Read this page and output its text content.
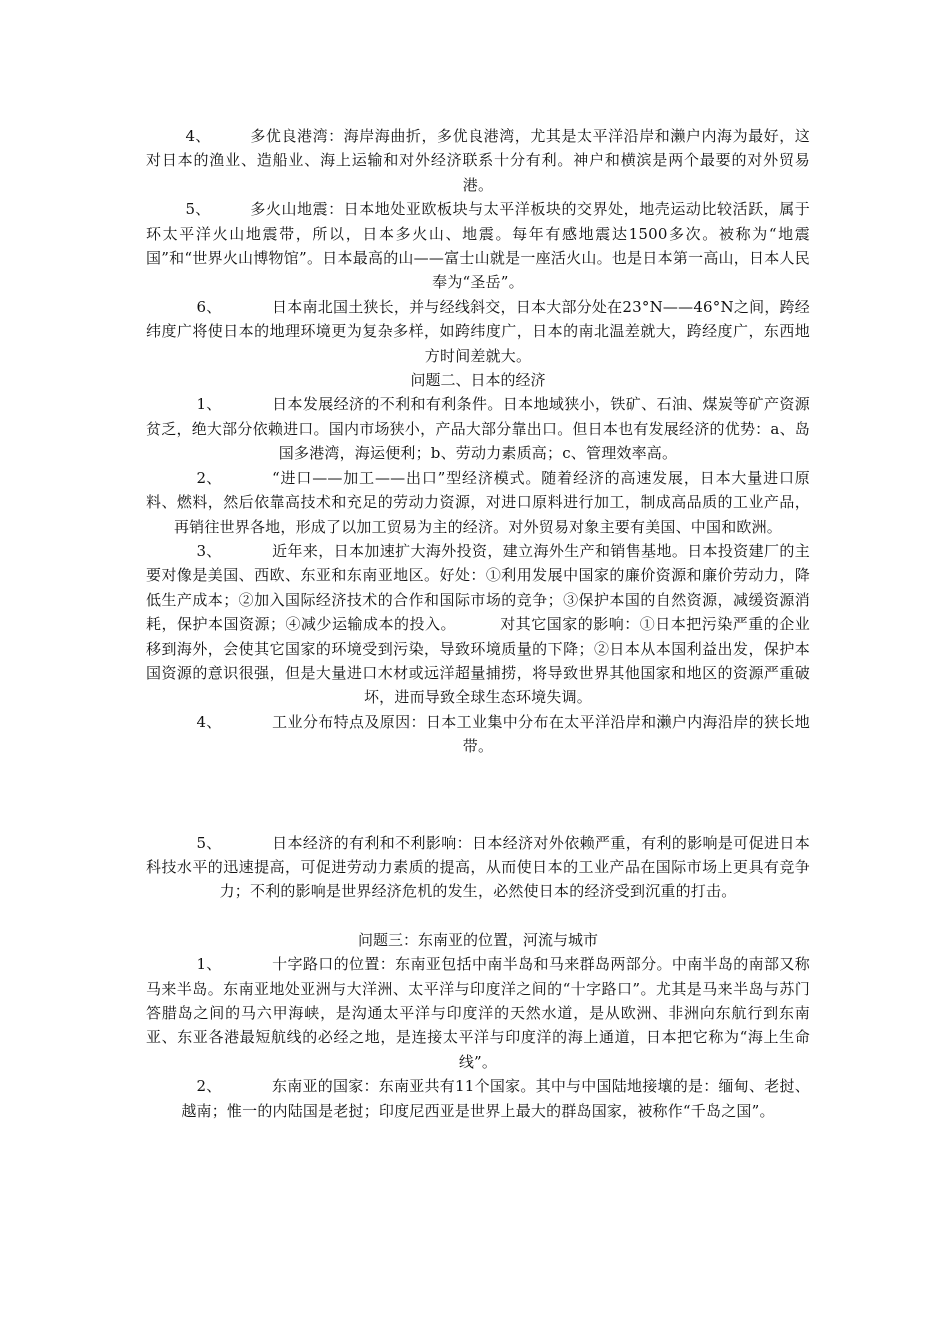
4、	多优良港湾：海岸海曲折，多优良港湾，尤其是太平洋沿岸和濑户内海为最好，这对日本的渔业、造船业、海上运输和对外经济联系十分有利。神户和横滨是两个最要的对外贸易港。

5、	多火山地震：日本地处亚欧板块与太平洋板块的交界处，地壳运动比较活跃，属于环太平洋火山地震带，所以，日本多火山、地震。每年有感地震达1500多次。被称为“地震国”和“世界火山博物馆”。日本最高的山——富士山就是一座活火山。也是日本第一高山，日本人民奉为“圣岳”。

6、	日本南北国土狭长，并与经线斜交，日本大部分处在23°N——46°N之间，跨经纬度广将使日本的地理环境更为复杂多样，如跨纬度广，日本的南北温差就大，跨经度广，东西地方时间差就大。

问题二、日本的经济

1、	日本发展经济的不利和有利条件。日本地域狭小，铁矿、石油、煤炭等矿产资源贫乏，绝大部分依赖进口。国内市场狭小，产品大部分靠出口。但日本也有发展经济的优势：a、岛国多港湾，海运便利；b、劳动力素质高；c、管理效率高。

2、	“进口——加工——出口”型经济模式。随着经济的高速发展，日本大量进口原料、燃料，然后依靠高技术和充足的劳动力资源，对进口原料进行加工，制成高品质的工业产品，再销往世界各地，形成了以加工贸易为主的经济。对外贸易对象主要有美国、中国和欧洲。

3、	近年来，日本加速扩大海外投资，建立海外生产和销售基地。日本投资建厂的主要对像是美国、西欧、东亚和东南亚地区。好处：①利用发展中国家的廉价资源和廉价劳动力，降低生产成本；②加入国际经济技术的合作和国际市场的竞争；③保护本国的自然资源，减缓资源消耗，保护本国资源；④减少运输成本的投入。	对其它国家的影响：①日本把污染严重的企业移到海外，会使其它国家的环境受到污染，导致环境质量的下降；②日本从本国利益出发，保护本国资源的意识很强，但是大量进口木材或远洋超量捕捞，将导致世界其他国家和地区的资源严重破坏，进而导致全球生态环境失调。

4、	工业分布特点及原因：日本工业集中分布在太平洋沿岸和濑户内海沿岸的狭长地带。

5、	日本经济的有利和不利影响：日本经济对外依赖严重，有利的影响是可促进日本科技水平的迅速提高，可促进劳动力素质的提高，从而使日本的工业产品在国际市场上更具有竞争力；不利的影响是世界经济危机的发生，必然使日本的经济受到沉重的打击。

问题三：东南亚的位置，河流与城市

1、	十字路口的位置：东南亚包括中南半岛和马来群岛两部分。中南半岛的南部又称马来半岛。东南亚地处亚洲与大洋洲、太平洋与印度洋之间的“十字路口”。尤其是马来半岛与苏门答腊岛之间的马六甲海峡，是沟通太平洋与印度洋的天然水道，是从欧洲、非洲向东航行到东南亚、东亚各港最短航线的必经之地，是连接太平洋与印度洋的海上通道，日本把它称为“海上生命线”。

2、	东南亚的国家：东南亚共有11个国家。其中与中国陆地接壤的是：缅甸、老挝、越南；惟一的内陆国是老挝；印度尼西亚是世界上最大的群岛国家，被称作“千岛之国”。
